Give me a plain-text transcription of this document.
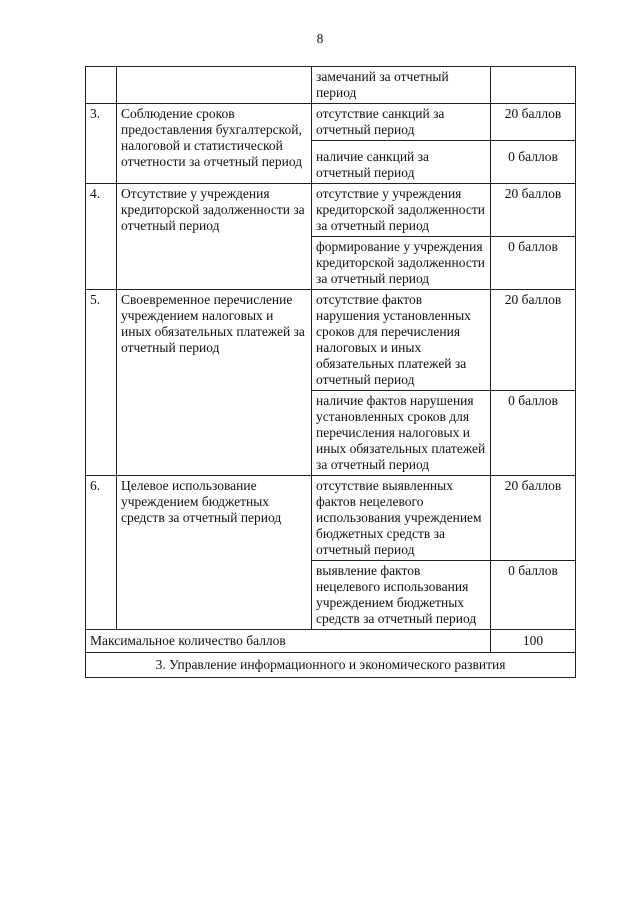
8
		замечаний за отчетный период	
3.	Соблюдение сроков предоставления бухгалтерской, налоговой и статистической отчетности за отчетный период	отсутствие санкций за отчетный период	20 баллов
		наличие санкций за отчетный период	0 баллов
4.	Отсутствие у учреждения кредиторской задолженности за отчетный период	отсутствие у учреждения кредиторской задолженности за отчетный период	20 баллов
		формирование у учреждения кредиторской задолженности за отчетный период	0 баллов
5.	Своевременное перечисление учреждением налоговых и иных обязательных платежей за отчетный период	отсутствие фактов нарушения установленных сроков для перечисления налоговых и иных обязательных платежей за отчетный период	20 баллов
		наличие фактов нарушения установленных сроков для перечисления налоговых и иных обязательных платежей за отчетный период	0 баллов
6.	Целевое использование учреждением бюджетных средств за отчетный период	отсутствие выявленных фактов нецелевого использования учреждением бюджетных средств за отчетный период	20 баллов
		выявление фактов нецелевого использования учреждением бюджетных средств за отчетный период	0 баллов
Максимальное количество баллов			100
3. Управление информационного и экономического развития			
